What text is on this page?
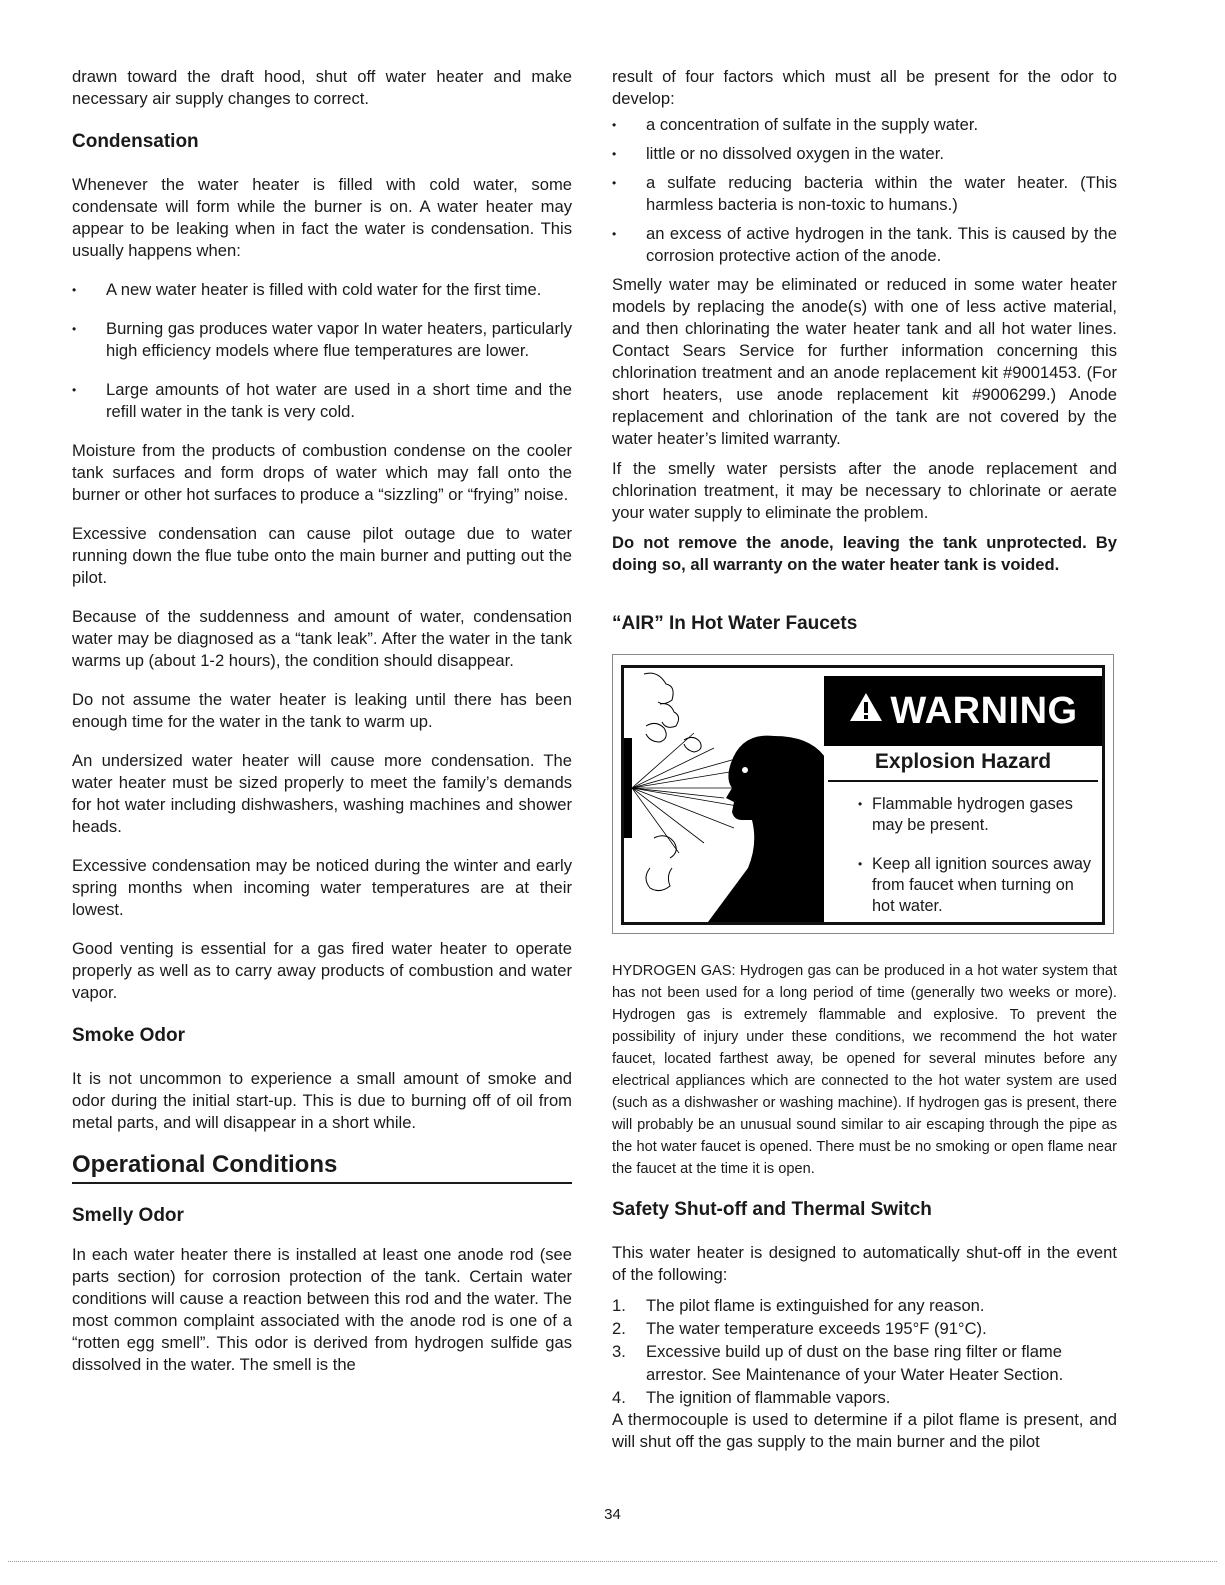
drawn toward the draft hood, shut off water heater and make necessary air supply changes to correct.

Condensation

Whenever the water heater is filled with cold water, some condensate will form while the burner is on. A water heater may appear to be leaking when in fact the water is condensation. This usually happens when:

• A new water heater is filled with cold water for the first time.
• Burning gas produces water vapor In water heaters, particularly high efficiency models where flue temperatures are lower.
• Large amounts of hot water are used in a short time and the refill water in the tank is very cold.

Moisture from the products of combustion condense on the cooler tank surfaces and form drops of water which may fall onto the burner or other hot surfaces to produce a “sizzling” or “frying” noise.

Excessive condensation can cause pilot outage due to water running down the flue tube onto the main burner and putting out the pilot.

Because of the suddenness and amount of water, condensation water may be diagnosed as a “tank leak”. After the water in the tank warms up (about 1-2 hours), the condition should disappear.

Do not assume the water heater is leaking until there has been enough time for the water in the tank to warm up.

An undersized water heater will cause more condensation. The water heater must be sized properly to meet the family’s demands for hot water including dishwashers, washing machines and shower heads.

Excessive condensation may be noticed during the winter and early spring months when incoming water temperatures are at their lowest.

Good venting is essential for a gas fired water heater to operate properly as well as to carry away products of combustion and water vapor.

Smoke Odor

It is not uncommon to experience a small amount of smoke and odor during the initial start-up. This is due to burning off of oil from metal parts, and will disappear in a short while.

Operational Conditions
Smelly Odor

In each water heater there is installed at least one anode rod (see parts section) for corrosion protection of the tank. Certain water conditions will cause a reaction between this rod and the water. The most common complaint associated with the anode rod is one of a “rotten egg smell”. This odor is derived from hydrogen sulfide gas dissolved in the water. The smell is the

result of four factors which must all be present for the odor to develop:

• a concentration of sulfate in the supply water.
• little or no dissolved oxygen in the water.
• a sulfate reducing bacteria within the water heater. (This harmless bacteria is non-toxic to humans.)
• an excess of active hydrogen in the tank. This is caused by the corrosion protective action of the anode.

Smelly water may be eliminated or reduced in some water heater models by replacing the anode(s) with one of less active material, and then chlorinating the water heater tank and all hot water lines. Contact Sears Service for further information concerning this chlorination treatment and an anode replacement kit #9001453. (For short heaters, use anode replacement kit #9006299.) Anode replacement and chlorination of the tank are not covered by the water heater’s limited warranty.

If the smelly water persists after the anode replacement and chlorination treatment, it may be necessary to chlorinate or aerate your water supply to eliminate the problem.

Do not remove the anode, leaving the tank unprotected. By doing so, all warranty on the water heater tank is voided.

“AIR” In Hot Water Faucets
WARNING
Explosion Hazard
• Flammable hydrogen gases may be present.
• Keep all ignition sources away from faucet when turning on hot water.

HYDROGEN GAS: Hydrogen gas can be produced in a hot water system that has not been used for a long period of time (generally two weeks or more). Hydrogen gas is extremely flammable and explosive. To prevent the possibility of injury under these conditions, we recommend the hot water faucet, located farthest away, be opened for several minutes before any electrical appliances which are connected to the hot water system are used (such as a dishwasher or washing machine). If hydrogen gas is present, there will probably be an unusual sound similar to air escaping through the pipe as the hot water faucet is opened. There must be no smoking or open flame near the faucet at the time it is open.

Safety Shut-off and Thermal Switch

This water heater is designed to automatically shut-off in the event of the following:

1. The pilot flame is extinguished for any reason.
2. The water temperature exceeds 195°F (91°C).
3. Excessive build up of dust on the base ring filter or flame arrestor. See Maintenance of your Water Heater Section.
4. The ignition of flammable vapors.

A thermocouple is used to determine if a pilot flame is present, and will shut off the gas supply to the main burner and the pilot

34
